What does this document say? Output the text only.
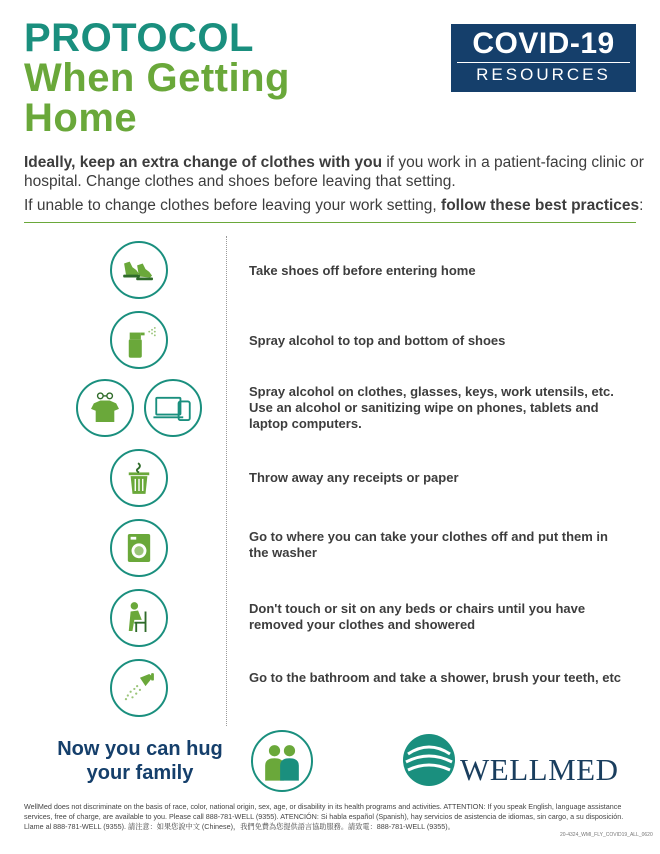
PROTOCOL
When Getting
Home
COVID-19
RESOURCES
Ideally, keep an extra change of clothes with you if you work in a patient-facing clinic or hospital. Change clothes and shoes before leaving that setting.
If unable to change clothes before leaving your work setting, follow these best practices:
Take shoes off before entering home
Spray alcohol to top and bottom of shoes
Spray alcohol on clothes, glasses, keys, work utensils, etc. Use an alcohol or sanitizing wipe on phones, tablets and laptop computers.
Throw away any receipts or paper
Go to where you can take your clothes off and put them in the washer
Don't touch or sit on any beds or chairs until you have removed your clothes and showered
Go to the bathroom and take a shower, brush your teeth, etc
Now you can hug
your family	WELLMED
WellMed does not discriminate on the basis of race, color, national origin, sex, age, or disability in its health programs and activities. ATTENTION: If you speak English, language assistance services, free of charge, are available to you. Please call 888-781-WELL (9355). ATENCIÓN: Si habla español (Spanish), hay servicios de asistencia de idiomas, sin cargo, a su disposición. Llame al 888-781-WELL (9355). 請注意：如果您說中文 (Chinese)，我們免費為您提供語言協助服務。請致電：888-781-WELL (9355)。
20-4324_WMI_FLY_COVID19_ALL_0620
